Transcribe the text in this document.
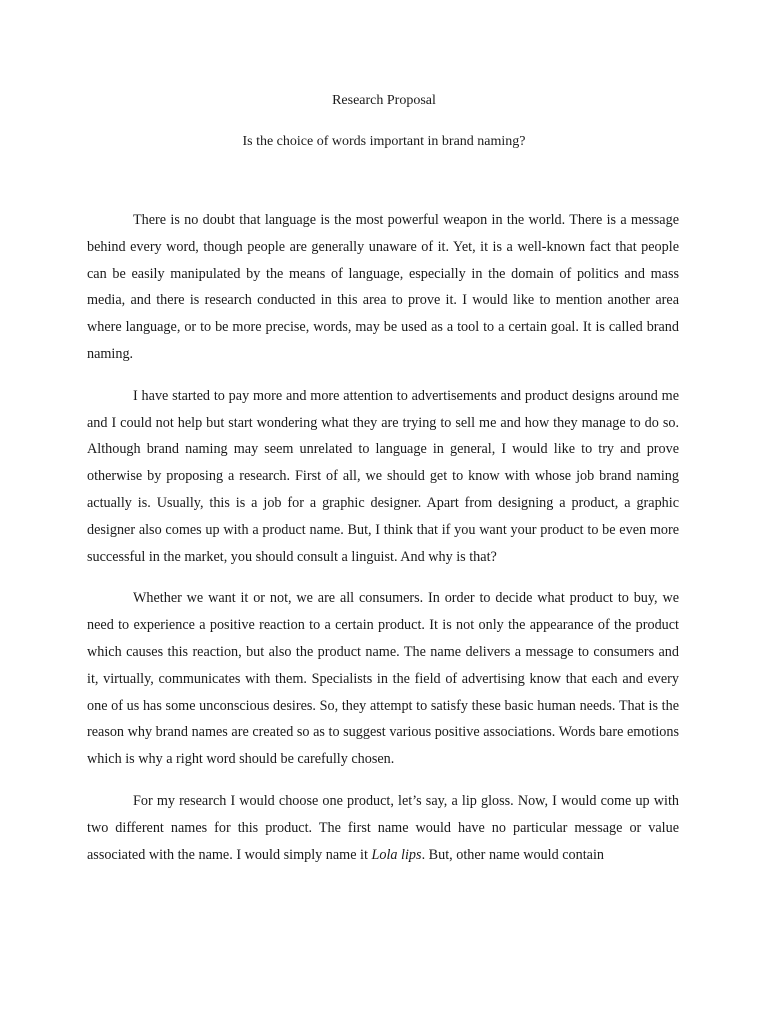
Research Proposal
Is the choice of words important in brand naming?

There is no doubt that language is the most powerful weapon in the world. There is a message behind every word, though people are generally unaware of it. Yet, it is a well-known fact that people can be easily manipulated by the means of language, especially in the domain of politics and mass media, and there is research conducted in this area to prove it. I would like to mention another area where language, or to be more precise, words, may be used as a tool to a certain goal. It is called brand naming.

I have started to pay more and more attention to advertisements and product designs around me and I could not help but start wondering what they are trying to sell me and how they manage to do so. Although brand naming may seem unrelated to language in general, I would like to try and prove otherwise by proposing a research. First of all, we should get to know with whose job brand naming actually is. Usually, this is a job for a graphic designer. Apart from designing a product, a graphic designer also comes up with a product name. But, I think that if you want your product to be even more successful in the market, you should consult a linguist. And why is that?

Whether we want it or not, we are all consumers. In order to decide what product to buy, we need to experience a positive reaction to a certain product. It is not only the appearance of the product which causes this reaction, but also the product name. The name delivers a message to consumers and it, virtually, communicates with them. Specialists in the field of advertising know that each and every one of us has some unconscious desires. So, they attempt to satisfy these basic human needs. That is the reason why brand names are created so as to suggest various positive associations. Words bare emotions which is why a right word should be carefully chosen.

For my research I would choose one product, let’s say, a lip gloss. Now, I would come up with two different names for this product. The first name would have no particular message or value associated with the name. I would simply name it Lola lips. But, other name would contain
